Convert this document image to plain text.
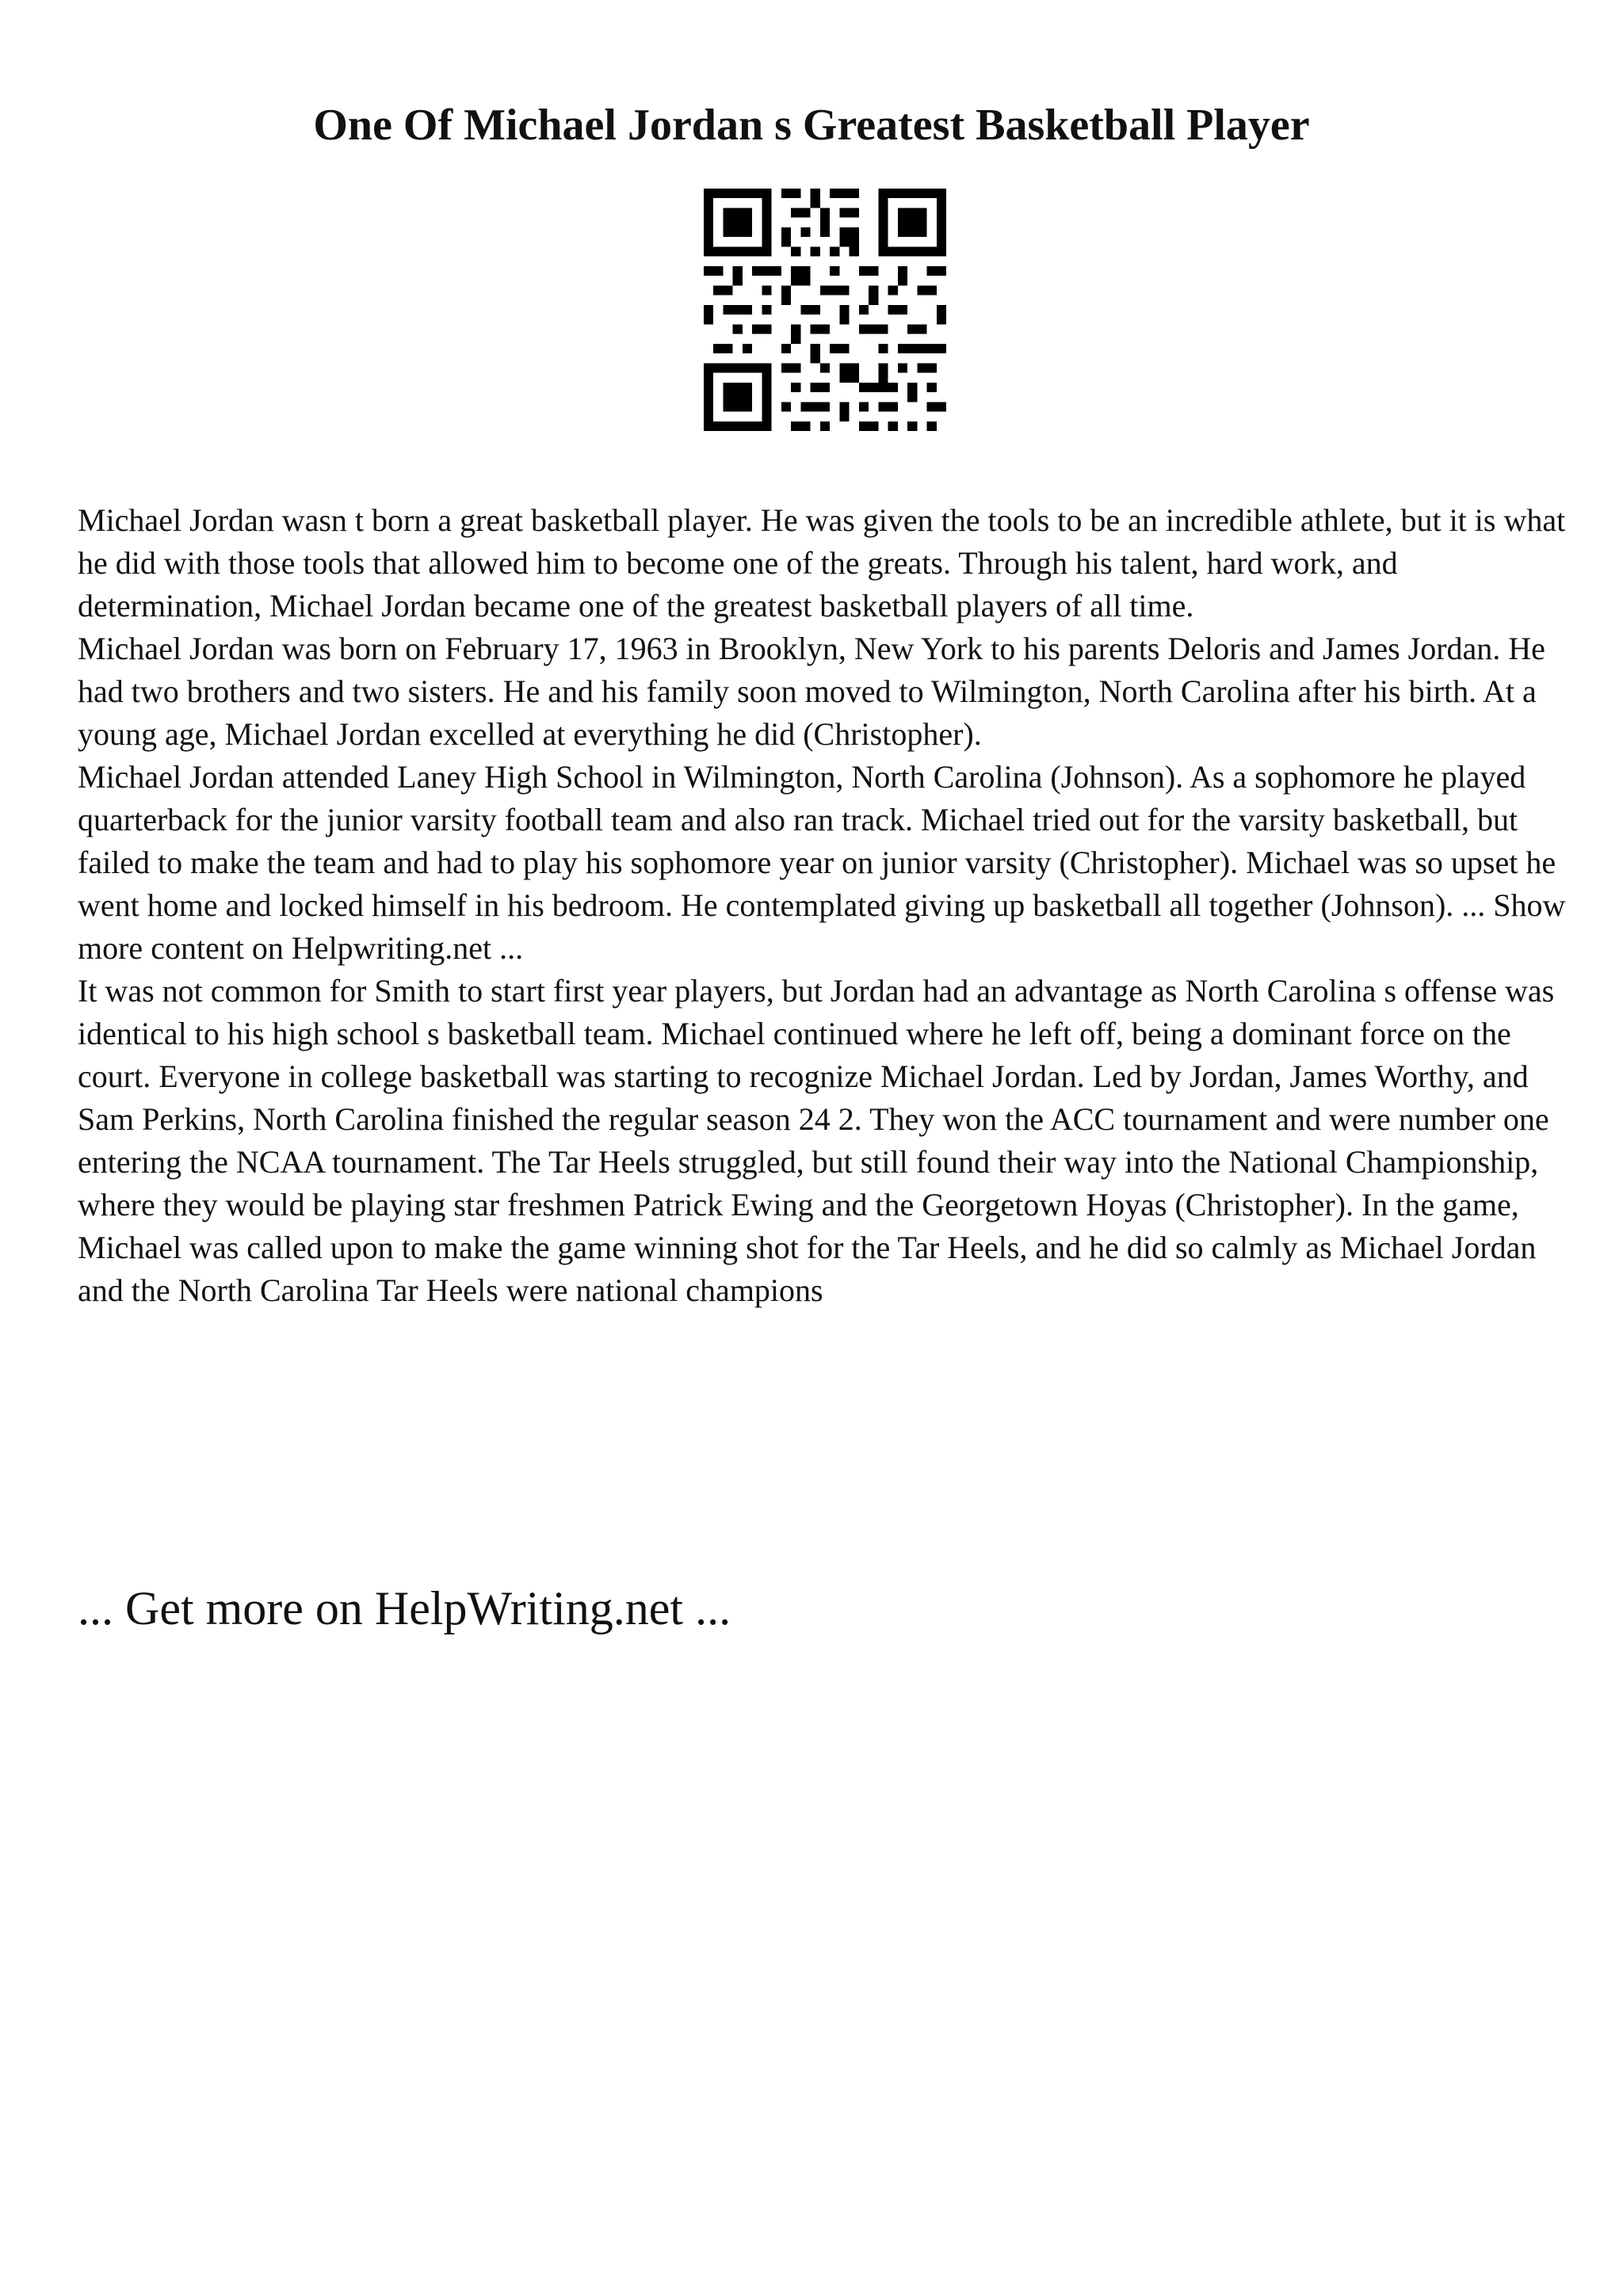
One Of Michael Jordan s Greatest Basketball Player

Michael Jordan wasn t born a great basketball player. He was given the tools to be an incredible athlete, but it is what he did with those tools that allowed him to become one of the greats. Through his talent, hard work, and determination, Michael Jordan became one of the greatest basketball players of all time.

Michael Jordan was born on February 17, 1963 in Brooklyn, New York to his parents Deloris and James Jordan. He had two brothers and two sisters. He and his family soon moved to Wilmington, North Carolina after his birth. At a young age, Michael Jordan excelled at everything he did (Christopher).

Michael Jordan attended Laney High School in Wilmington, North Carolina (Johnson). As a sophomore he played quarterback for the junior varsity football team and also ran track. Michael tried out for the varsity basketball, but failed to make the team and had to play his sophomore year on junior varsity (Christopher). Michael was so upset he went home and locked himself in his bedroom. He contemplated giving up basketball all together (Johnson). ... Show more content on Helpwriting.net ...

It was not common for Smith to start first year players, but Jordan had an advantage as North Carolina s offense was identical to his high school s basketball team. Michael continued where he left off, being a dominant force on the court. Everyone in college basketball was starting to recognize Michael Jordan. Led by Jordan, James Worthy, and Sam Perkins, North Carolina finished the regular season 24 2. They won the ACC tournament and were number one entering the NCAA tournament. The Tar Heels struggled, but still found their way into the National Championship, where they would be playing star freshmen Patrick Ewing and the Georgetown Hoyas (Christopher). In the game, Michael was called upon to make the game winning shot for the Tar Heels, and he did so calmly as Michael Jordan and the North Carolina Tar Heels were national champions

... Get more on HelpWriting.net ...
